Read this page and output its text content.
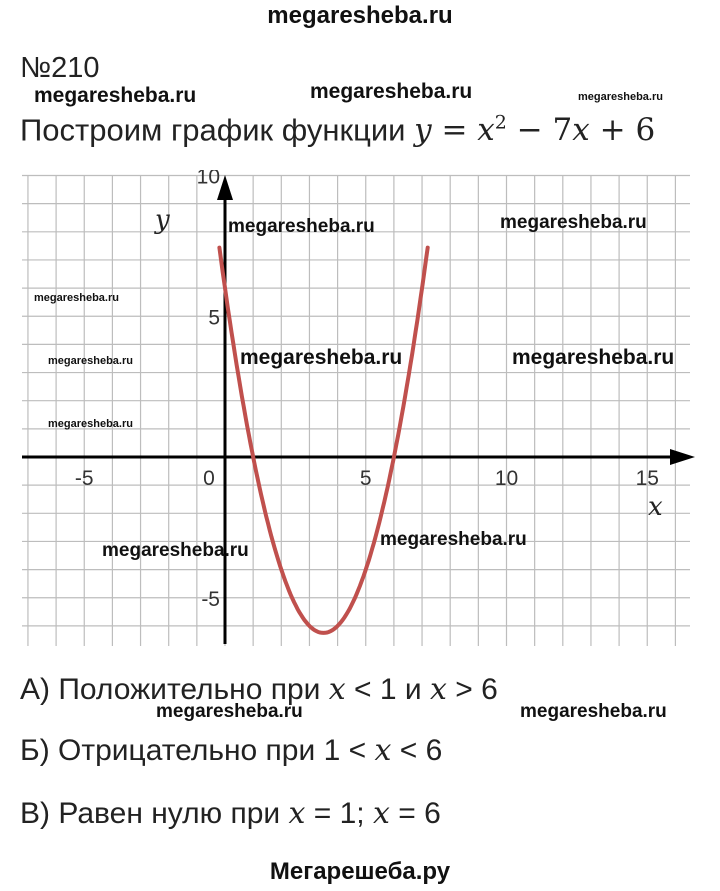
megaresheba.ru
№210
Построим график функции $y = x^2 - 7x + 6$
-5	0	5	10	15
10
5
-5
x
y
А) Положительно при x < 1 и x > 6
Б) Отрицательно при 1 < x < 6
В) Равен нулю при x = 1; x = 6
megaresheba.ru	megaresheba.ru	megaresheba.ru
megaresheba.ru	megaresheba.ru
megaresheba.ru
megaresheba.ru	megaresheba.ru
megaresheba.ru
megaresheba.ru
megaresheba.ru
megaresheba.ru
megaresheba.ru	megaresheba.ru
Мегарешеба.ру
